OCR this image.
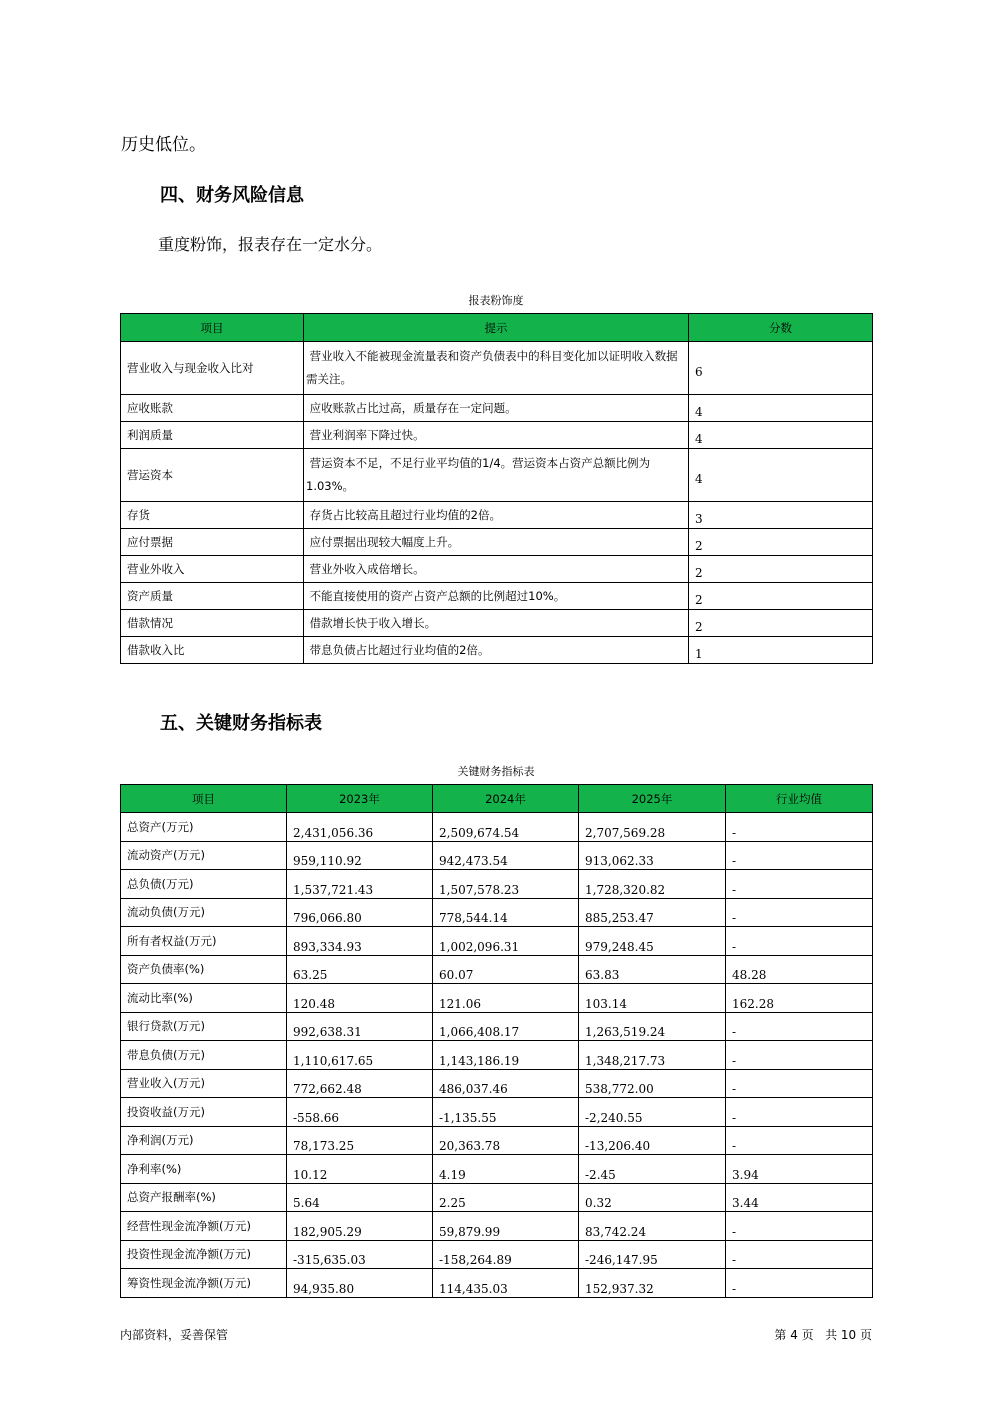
历史低位。
四、财务风险信息
重度粉饰，报表存在一定水分。
报表粉饰度
项目	提示	分数
营业收入与现金收入比对	营业收入不能被现金流量表和资产负债表中的科目变化加以证明收入数据需关注。	6
应收账款	应收账款占比过高，质量存在一定问题。	4
利润质量	营业利润率下降过快。	4
营运资本	营运资本不足，不足行业平均值的1/4。营运资本占资产总额比例为1.03%。	4
存货	存货占比较高且超过行业均值的2倍。	3
应付票据	应付票据出现较大幅度上升。	2
营业外收入	营业外收入成倍增长。	2
资产质量	不能直接使用的资产占资产总额的比例超过10%。	2
借款情况	借款增长快于收入增长。	2
借款收入比	带息负债占比超过行业均值的2倍。	1
五、关键财务指标表
关键财务指标表
项目	2023年	2024年	2025年	行业均值
总资产(万元)	2,431,056.36	2,509,674.54	2,707,569.28	-
流动资产(万元)	959,110.92	942,473.54	913,062.33	-
总负债(万元)	1,537,721.43	1,507,578.23	1,728,320.82	-
流动负债(万元)	796,066.80	778,544.14	885,253.47	-
所有者权益(万元)	893,334.93	1,002,096.31	979,248.45	-
资产负债率(%)	63.25	60.07	63.83	48.28
流动比率(%)	120.48	121.06	103.14	162.28
银行贷款(万元)	992,638.31	1,066,408.17	1,263,519.24	-
带息负债(万元)	1,110,617.65	1,143,186.19	1,348,217.73	-
营业收入(万元)	772,662.48	486,037.46	538,772.00	-
投资收益(万元)	-558.66	-1,135.55	-2,240.55	-
净利润(万元)	78,173.25	20,363.78	-13,206.40	-
净利率(%)	10.12	4.19	-2.45	3.94
总资产报酬率(%)	5.64	2.25	0.32	3.44
经营性现金流净额(万元)	182,905.29	59,879.99	83,742.24	-
投资性现金流净额(万元)	-315,635.03	-158,264.89	-246,147.95	-
筹资性现金流净额(万元)	94,935.80	114,435.03	152,937.32	-
内部资料，妥善保管	第 4 页   共 10 页
